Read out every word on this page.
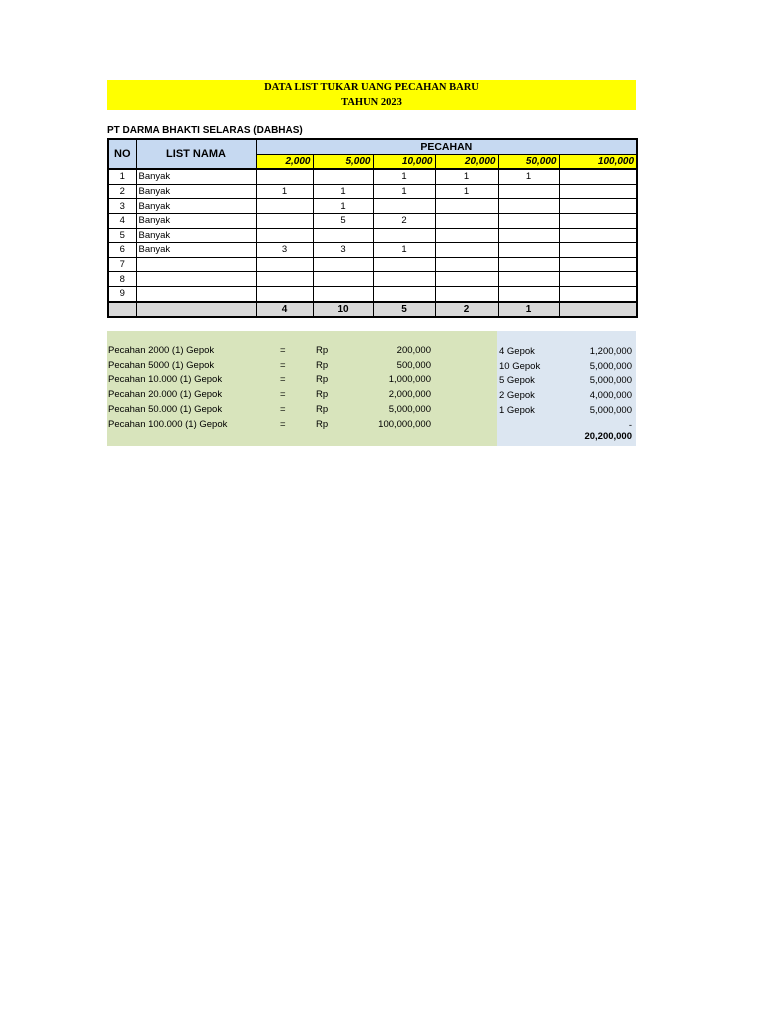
DATA LIST TUKAR UANG PECAHAN BARU
TAHUN 2023
PT DARMA BHAKTI SELARAS (DABHAS)
NO	LIST NAMA	PECAHAN					
		2,000	5,000	10,000	20,000	50,000	100,000
1	Banyak			1	1	1	
2	Banyak	1	1	1	1		
3	Banyak		1				
4	Banyak		5	2			
5	Banyak						
6	Banyak	3	3	1			
7							
8							
9							
		4	10	5	2	1	
Pecahan 2000 (1) Gepok	=	Rp	200,000
Pecahan 5000 (1) Gepok	=	Rp	500,000
Pecahan 10.000 (1) Gepok	=	Rp	1,000,000
Pecahan 20.000 (1) Gepok	=	Rp	2,000,000
Pecahan 50.000 (1) Gepok	=	Rp	5,000,000
Pecahan 100.000 (1) Gepok	=	Rp	100,000,000
20,200,000
4 Gepok	1,200,000
10 Gepok	5,000,000
5 Gepok	5,000,000
2 Gepok	4,000,000
1 Gepok	5,000,000
-
